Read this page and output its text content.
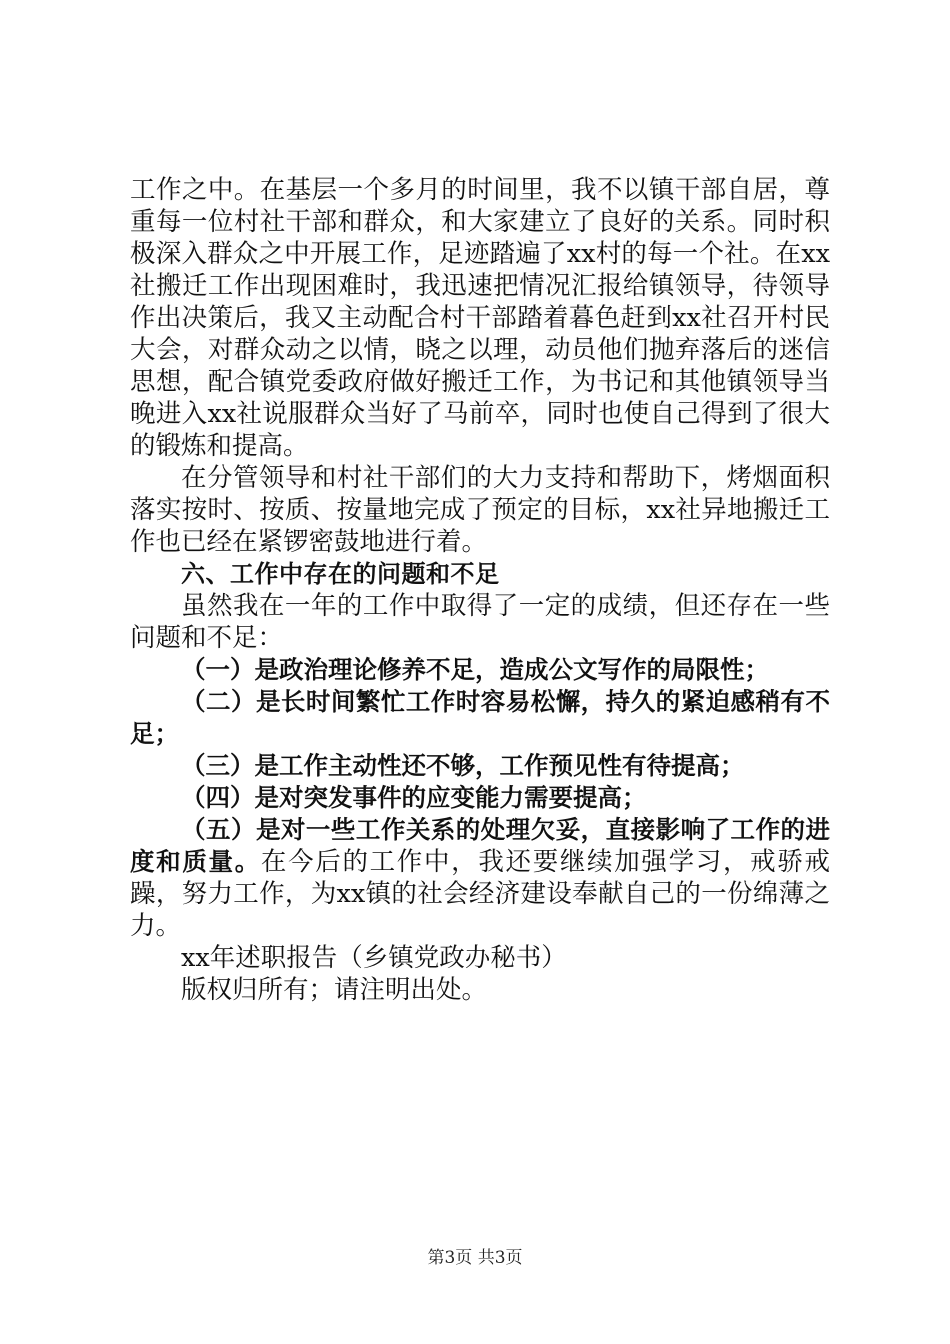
工作之中。在基层一个多月的时间里，我不以镇干部自居，尊重每一位村社干部和群众，和大家建立了良好的关系。同时积极深入群众之中开展工作，足迹踏遍了xx村的每一个社。在xx社搬迁工作出现困难时，我迅速把情况汇报给镇领导，待领导作出决策后，我又主动配合村干部踏着暮色赶到xx社召开村民大会，对群众动之以情，晓之以理，动员他们抛弃落后的迷信思想，配合镇党委政府做好搬迁工作，为书记和其他镇领导当晚进入xx社说服群众当好了马前卒，同时也使自己得到了很大的锻炼和提高。

在分管领导和村社干部们的大力支持和帮助下，烤烟面积落实按时、按质、按量地完成了预定的目标，xx社异地搬迁工作也已经在紧锣密鼓地进行着。

六、工作中存在的问题和不足

虽然我在一年的工作中取得了一定的成绩，但还存在一些问题和不足：

（一）是政治理论修养不足，造成公文写作的局限性；

（二）是长时间繁忙工作时容易松懈，持久的紧迫感稍有不足；

（三）是工作主动性还不够，工作预见性有待提高；

（四）是对突发事件的应变能力需要提高；

（五）是对一些工作关系的处理欠妥，直接影响了工作的进度和质量。在今后的工作中，我还要继续加强学习，戒骄戒躁，努力工作，为xx镇的社会经济建设奉献自己的一份绵薄之力。

xx年述职报告（乡镇党政办秘书）

版权归所有；请注明出处。

第3页 共3页
